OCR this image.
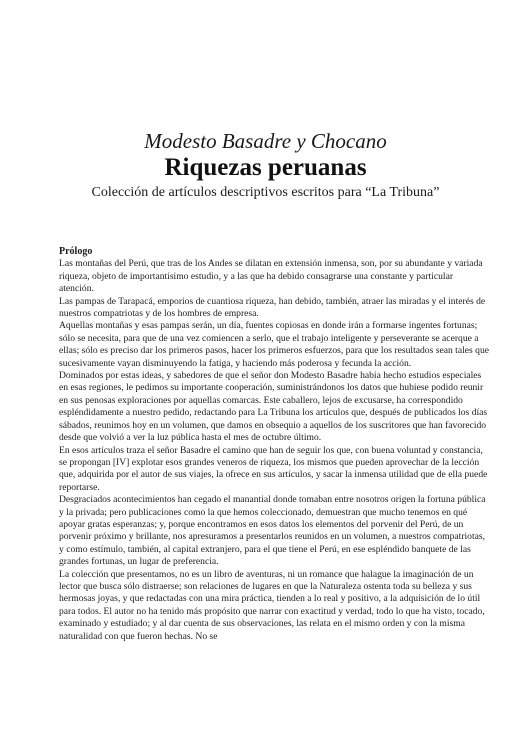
Modesto Basadre y Chocano
Riquezas peruanas
Colección de artículos descriptivos escritos para “La Tribuna”

Prólogo

Las montañas del Perú, que tras de los Andes se dilatan en extensión inmensa, son, por su abundante y variada riqueza, objeto de importantísimo estudio, y a las que ha debido consagrarse una constante y particular atención.

Las pampas de Tarapacá, emporios de cuantiosa riqueza, han debido, también, atraer las miradas y el interés de nuestros compatriotas y de los hombres de empresa.

Aquellas montañas y esas pampas serán, un día, fuentes copiosas en donde irán a formarse ingentes fortunas; sólo se necesita, para que de una vez comiencen a serlo, que el trabajo inteligente y perseverante se acerque a ellas; sólo es preciso dar los primeros pasos, hacer los primeros esfuerzos, para que los resultados sean tales que sucesivamente vayan disminuyendo la fatiga, y haciendo más poderosa y fecunda la acción.

Dominados por estas ideas, y sabedores de que el señor don Modesto Basadre había hecho estudios especiales en esas regiones, le pedimos su importante cooperación, suministrándonos los datos que hubiese podido reunir en sus penosas exploraciones por aquellas comarcas. Este caballero, lejos de excusarse, ha correspondido espléndidamente a nuestro pedido, redactando para La Tribuna los artículos que, después de publicados los días sábados, reunimos hoy en un volumen, que damos en obsequio a aquellos de los suscritores que han favorecido desde que volvió a ver la luz pública hasta el mes de octubre último.

En esos artículos traza el señor Basadre el camino que han de seguir los que, con buena voluntad y constancia, se propongan [IV] explotar esos grandes veneros de riqueza, los mismos que pueden aprovechar de la lección que, adquirida por el autor de sus viajes, la ofrece en sus artículos, y sacar la inmensa utilidad que de ella puede reportarse.

Desgraciados acontecimientos han cegado el manantial donde tomaban entre nosotros origen la fortuna pública y la privada; pero publicaciones como la que hemos coleccionado, demuestran que mucho tenemos en qué apoyar gratas esperanzas; y, porque encontramos en esos datos los elementos del porvenir del Perú, de un porvenir próximo y brillante, nos apresuramos a presentarlos reunidos en un volumen, a nuestros compatriotas, y como estímulo, también, al capital extranjero, para el que tiene el Perú, en ese espléndido banquete de las grandes fortunas, un lugar de preferencia.

La colección que presentamos, no es un libro de aventuras, ni un romance que halague la imaginación de un lector que busca sólo distraerse; son relaciones de lugares en que la Naturaleza ostenta toda su belleza y sus hermosas joyas, y que redactadas con una mira práctica, tienden a lo real y positivo, a la adquisición de lo útil para todos. El autor no ha tenido más propósito que narrar con exactitud y verdad, todo lo que ha visto, tocado, examinado y estudiado; y al dar cuenta de sus observaciones, las relata en el mismo orden y con la misma naturalidad con que fueron hechas. No se
